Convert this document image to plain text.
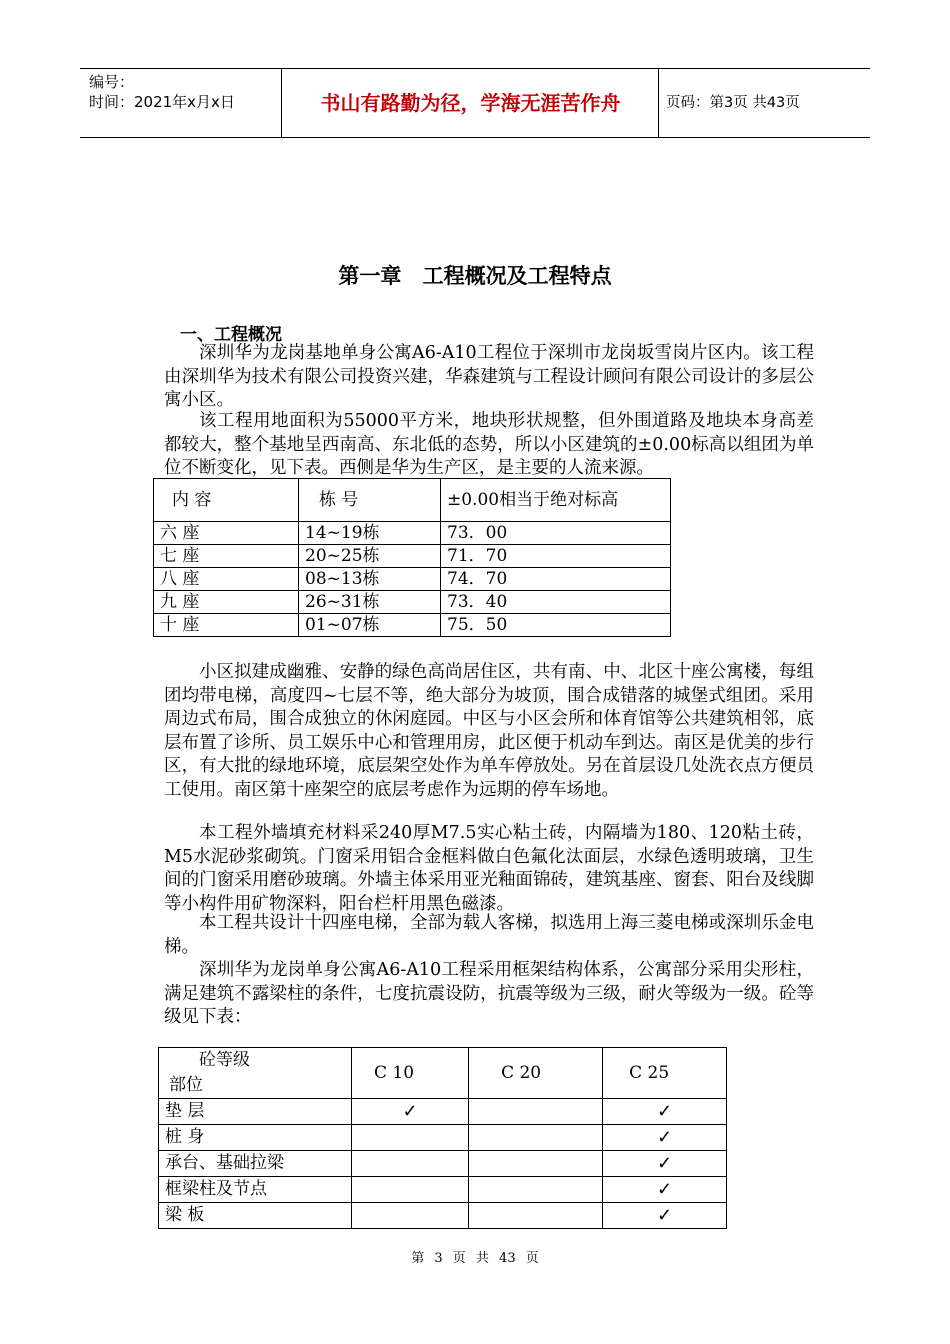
编号：
时间：2021年x月x日	书山有路勤为径，学海无涯苦作舟	页码：第3页 共43页
第一章 工程概况及工程特点
一、工程概况
深圳华为龙岗基地单身公寓A6-A10工程位于深圳市龙岗坂雪岗片区内。该工程由深圳华为技术有限公司投资兴建，华森建筑与工程设计顾问有限公司设计的多层公寓小区。
该工程用地面积为55000平方米，地块形状规整，但外围道路及地块本身高差都较大，整个基地呈西南高、东北低的态势，所以小区建筑的±0.00标高以组团为单位不断变化，见下表。西侧是华为生产区，是主要的人流来源。
内 容	栋 号	±0.00相当于绝对标高
六 座	14~19栋	73．00
七 座	20~25栋	71．70
八 座	08~13栋	74．70
九 座	26~31栋	73．40
十 座	01~07栋	75．50
小区拟建成幽雅、安静的绿色高尚居住区，共有南、中、北区十座公寓楼，每组团均带电梯，高度四~七层不等，绝大部分为坡顶，围合成错落的城堡式组团。采用周边式布局，围合成独立的休闲庭园。中区与小区会所和体育馆等公共建筑相邻，底层布置了诊所、员工娱乐中心和管理用房，此区便于机动车到达。南区是优美的步行区，有大批的绿地环境，底层架空处作为单车停放处。另在首层设几处洗衣点方便员工使用。南区第十座架空的底层考虑作为远期的停车场地。
本工程外墙填充材料采240厚M7.5实心粘土砖，内隔墙为180、120粘土砖，M5水泥砂浆砌筑。门窗采用铝合金框料做白色氟化汰面层，水绿色透明玻璃，卫生间的门窗采用磨砂玻璃。外墙主体采用亚光釉面锦砖，建筑基座、窗套、阳台及线脚等小构件用矿物深料，阳台栏杆用黑色磁漆。
本工程共设计十四座电梯，全部为载人客梯，拟选用上海三菱电梯或深圳乐金电梯。
深圳华为龙岗单身公寓A6-A10工程采用框架结构体系，公寓部分采用尖形柱，满足建筑不露梁柱的条件，七度抗震设防，抗震等级为三级，耐火等级为一级。砼等级见下表：
砼等级
部位	C 10	C 20	C 25
垫 层	✓		✓
桩 身			✓
承台、基础拉梁			✓
框梁柱及节点			✓
梁 板			✓
第 3 页 共 43 页
